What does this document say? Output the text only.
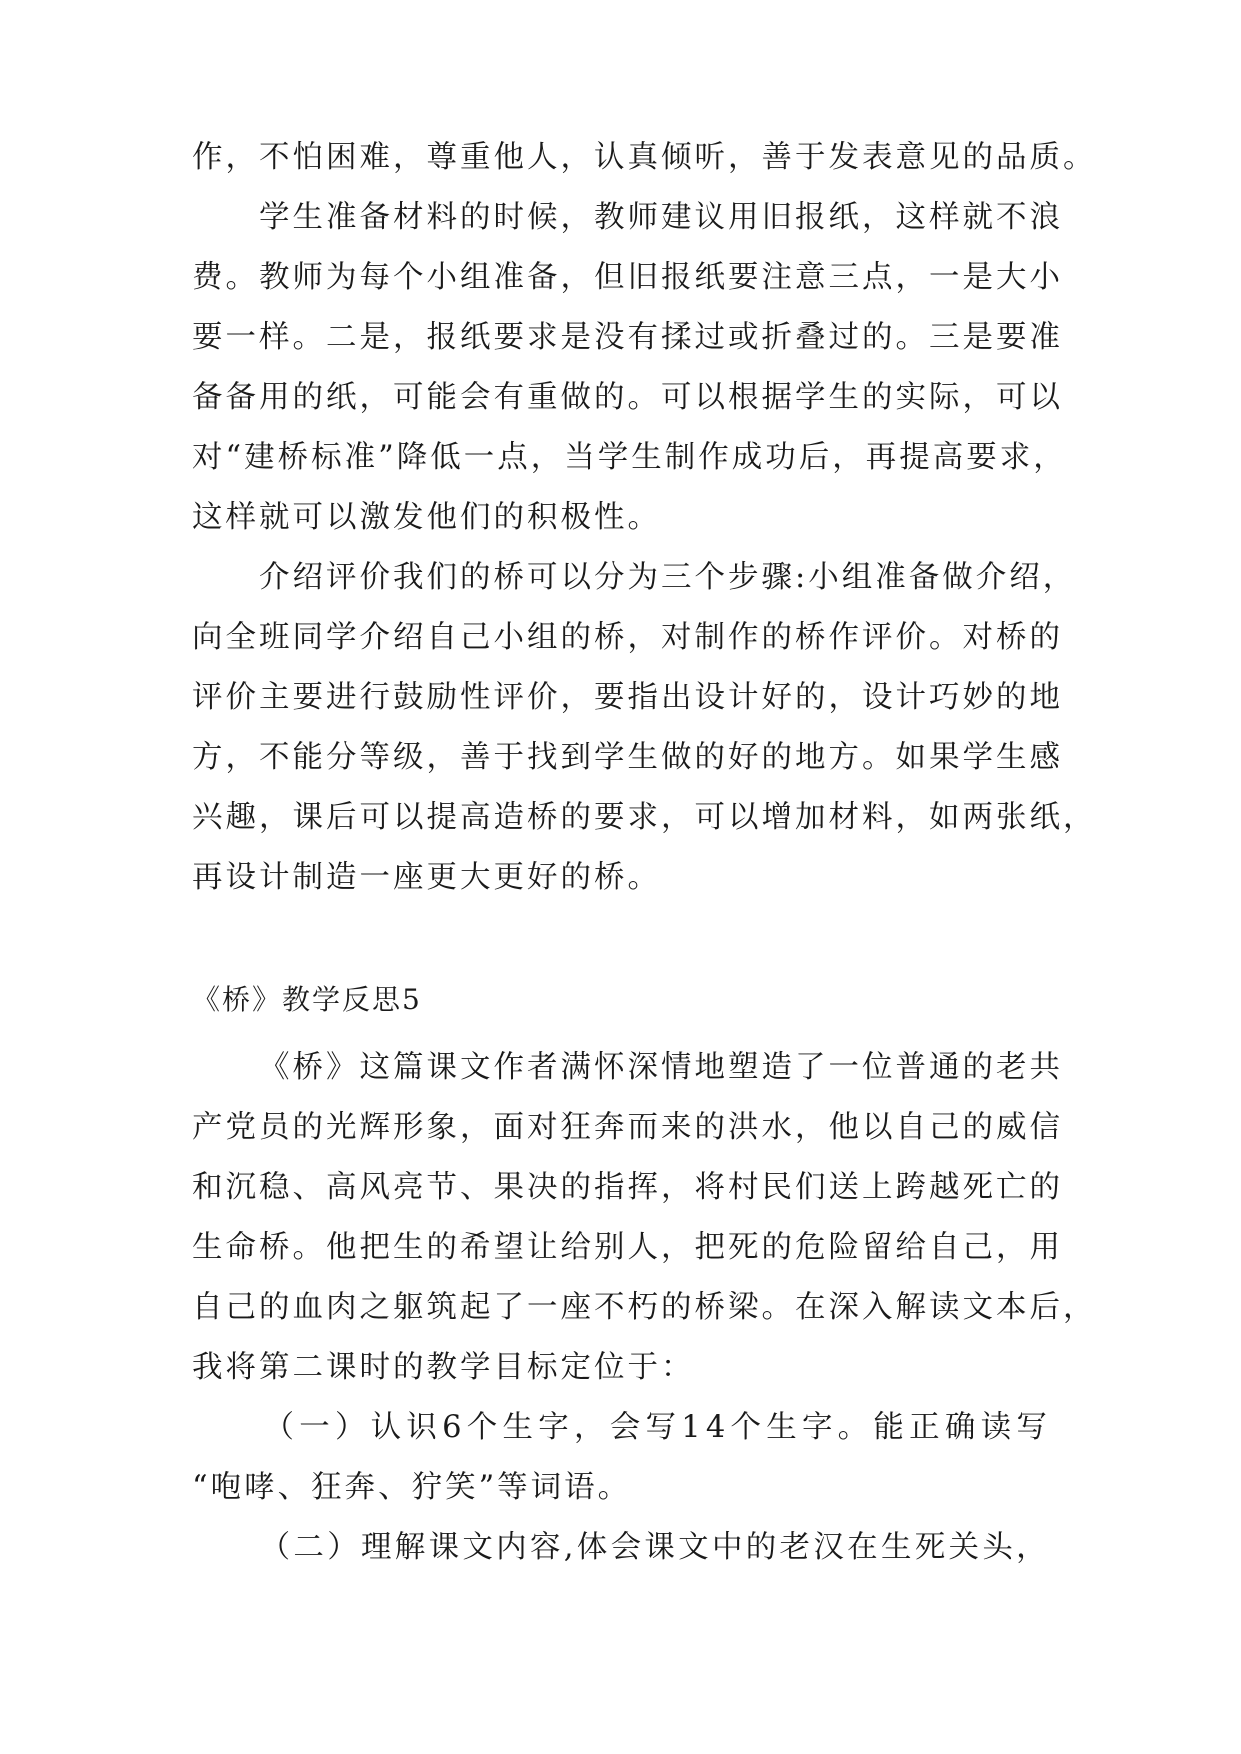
作 ， 不 怕 困 难 ， 尊 重 他 人 ， 认 真 倾 听 ， 善 于 发 表 意 见 的 品 质 。

学 生 准 备 材 料 的 时 候 ， 教 师 建 议 用 旧 报 纸 ， 这 样 就 不 浪
费 。 教 师 为 每 个 小 组 准 备 ， 但 旧 报 纸 要 注 意 三 点 ， 一 是 大 小
要 一 样 。 二 是 ， 报 纸 要 求 是 没 有 揉 过 或 折 叠 过 的 。 三 是 要 准
备 备 用 的 纸 ， 可 能 会 有 重 做 的 。 可 以 根 据 学 生 的 实 际 ， 可 以
对 “ 建 桥 标 准 ” 降 低 一 点 ， 当 学 生 制 作 成 功 后 ， 再 提 高 要 求 ，
这样就可以激发他们的积极性。

介 绍 评 价 我 们 的 桥 可 以 分 为 三 个 步 骤 : 小 组 准 备 做 介 绍 ，
向 全 班 同 学 介 绍 自 己 小 组 的 桥 ， 对 制 作 的 桥 作 评 价 。 对 桥 的
评 价 主 要 进 行 鼓 励 性 评 价 ， 要 指 出 设 计 好 的 ， 设 计 巧 妙 的 地
方 ， 不 能 分 等 级 ， 善 于 找 到 学 生 做 的 好 的 地 方 。 如 果 学 生 感
兴 趣 ， 课 后 可 以 提 高 造 桥 的 要 求 ， 可 以 增 加 材 料 ， 如 两 张 纸 ，
再设计制造一座更大更好的桥。
《桥》教学反思5

《 桥 》 这 篇 课 文 作 者 满 怀 深 情 地 塑 造 了 一 位 普 通 的 老 共
产 党 员 的 光 辉 形 象 ， 面 对 狂 奔 而 来 的 洪 水 ， 他 以 自 己 的 威 信
和 沉 稳 、 高 风 亮 节 、 果 决 的 指 挥 ， 将 村 民 们 送 上 跨 越 死 亡 的
生 命 桥 。 他 把 生 的 希 望 让 给 别 人 ， 把 死 的 危 险 留 给 自 己 ， 用
自 己 的 血 肉 之 躯 筑 起 了 一 座 不 朽 的 桥 梁 。 在 深 入 解 读 文 本 后 ，
我将第二课时的教学目标定位于：

（ 一 ） 认 识 6 个 生 字 ， 会 写 1 4 个 生 字 。 能 正 确 读 写
“咆哮、狂奔、狞笑”等词语。

（ 二 ） 理 解 课 文 内 容 , 体 会 课 文 中 的 老 汉 在 生 死 关 头 ，
